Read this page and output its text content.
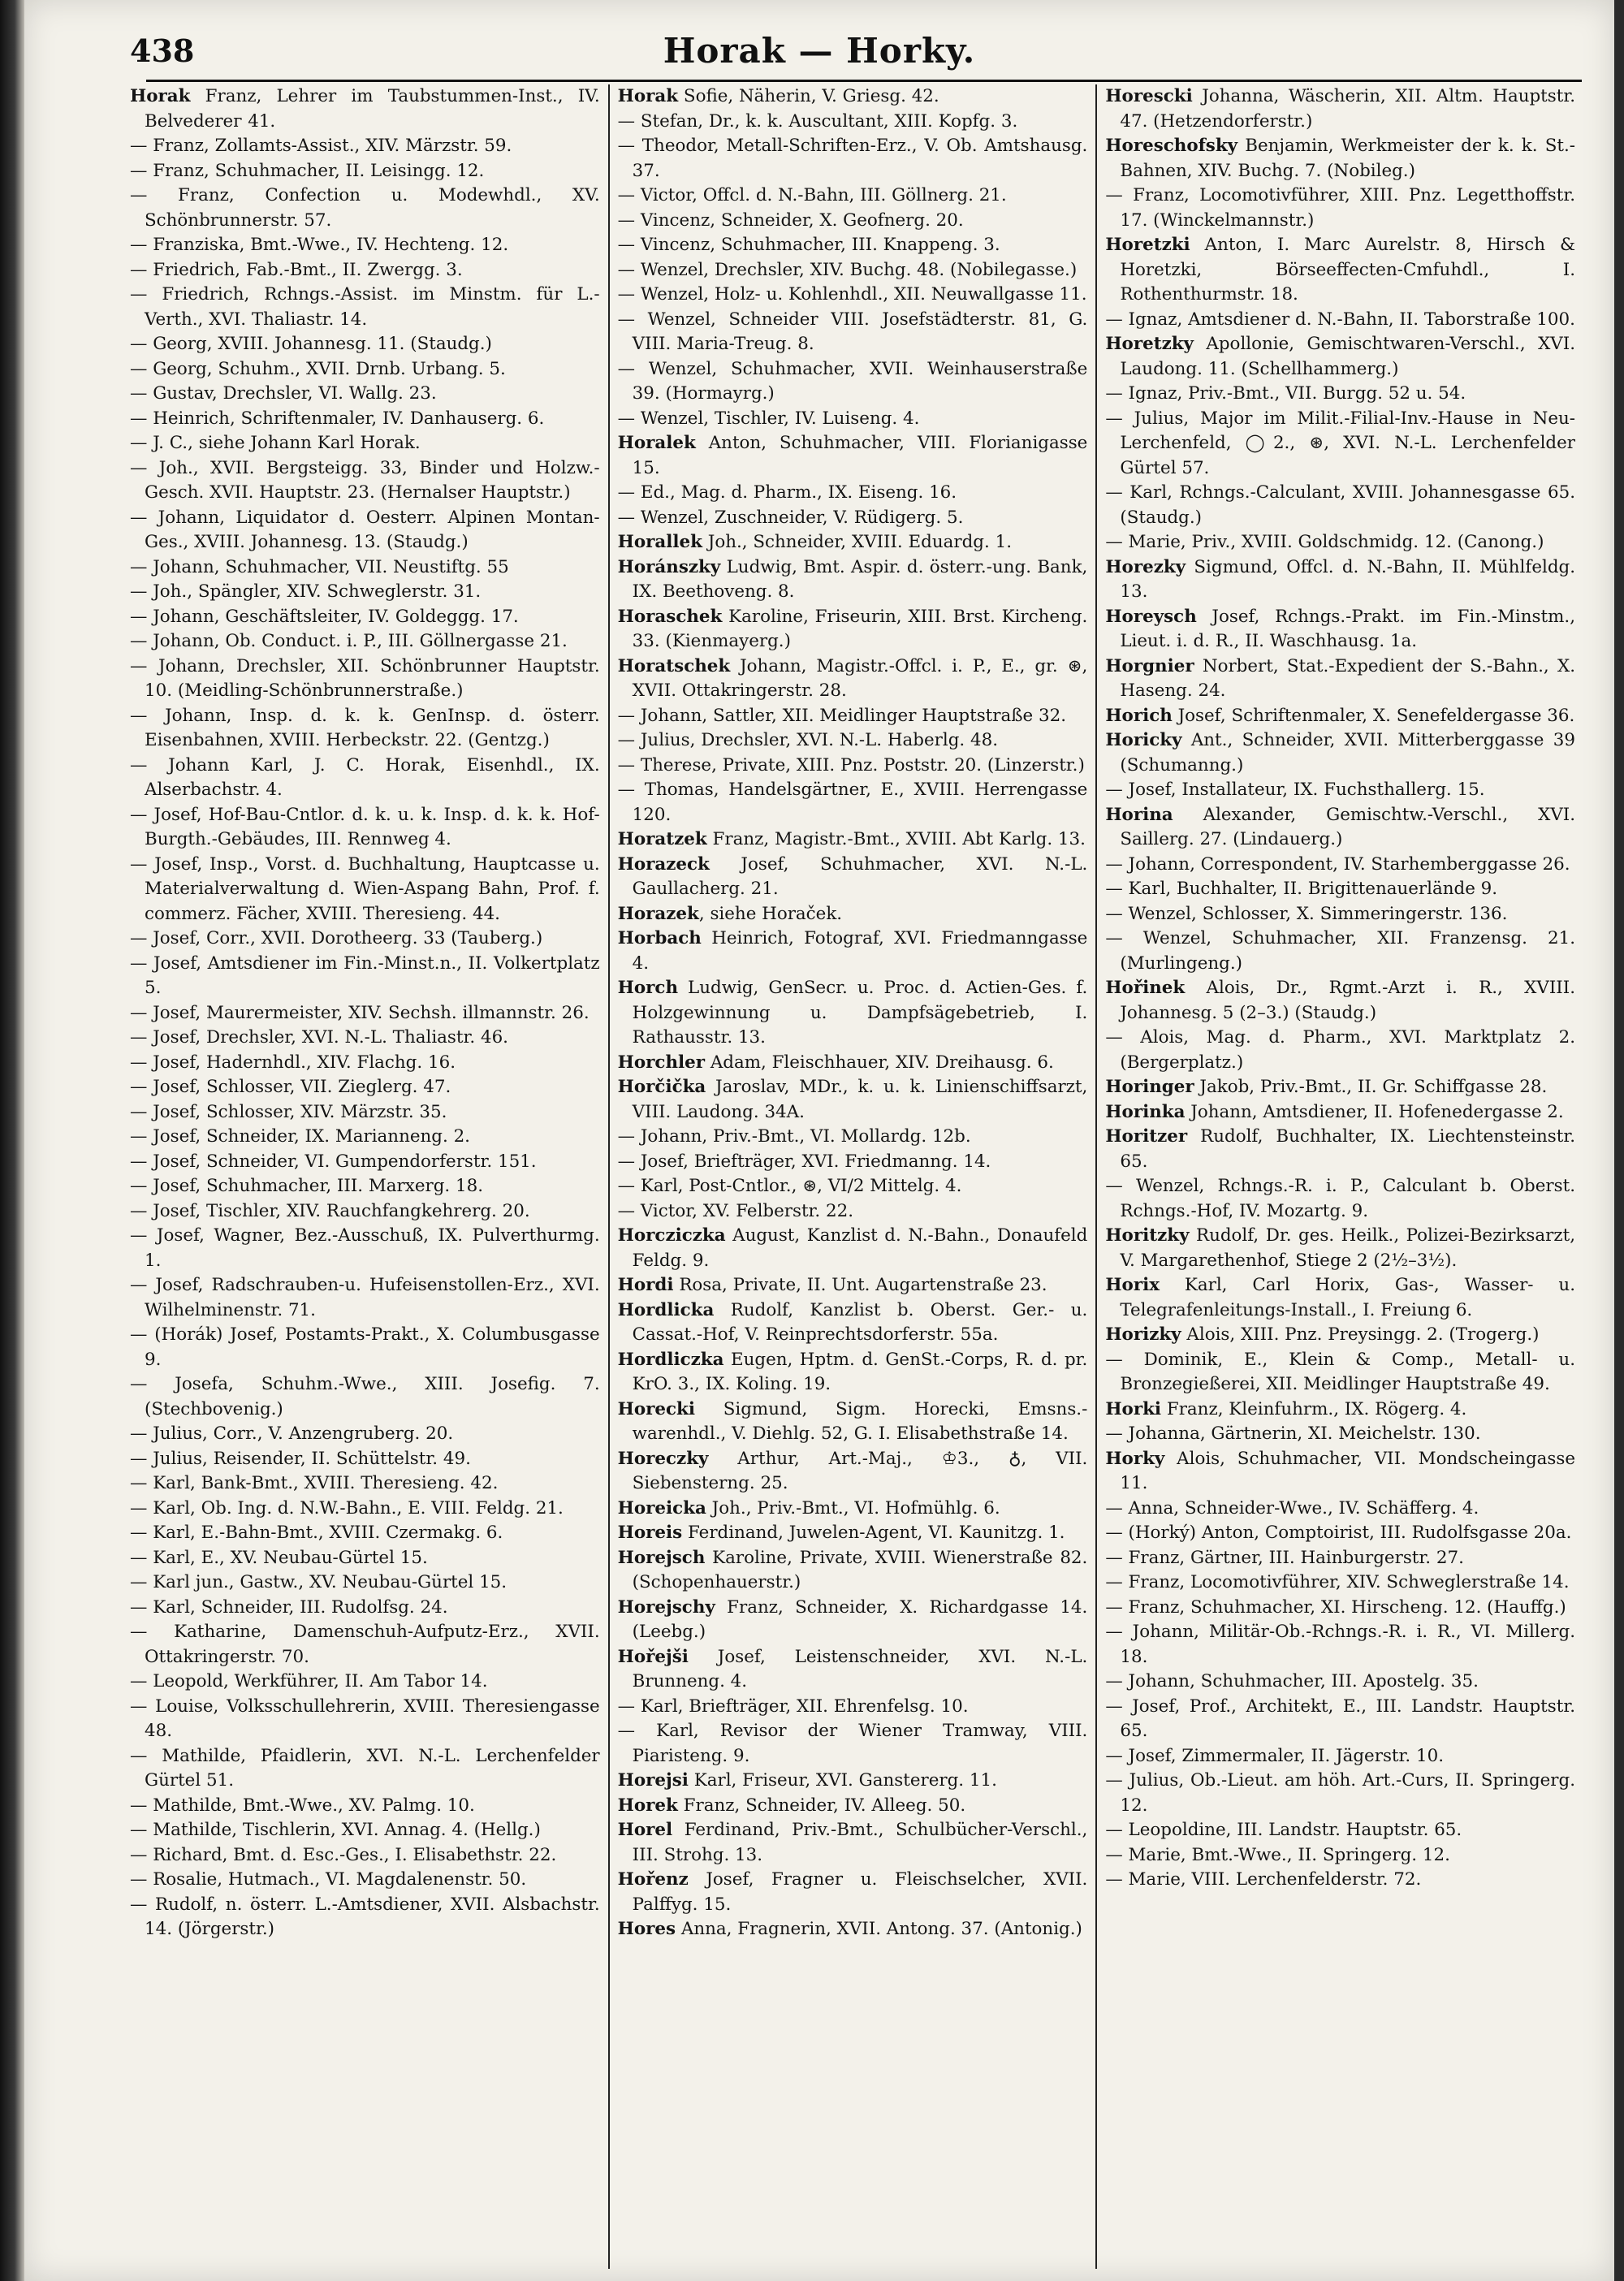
438	Horak — Horky.
Horak Franz, Lehrer im Taubstummen-Inst., IV. Belvederег 41.
— Franz, Zollamts-Assist., XIV. Märzstr. 59.
— Franz, Schuhmacher, II. Leisingg. 12.
— Franz, Confection u. Modewhdl., XV. Schönbrunnerstr. 57.
— Franziska, Bmt.-Wwe., IV. Hechteng. 12.
— Friedrich, Fab.-Bmt., II. Zwergg. 3.
— Friedrich, Rchngs.-Assist. im Minstm. für L.-Verth., XVI. Thaliastr. 14.
— Georg, XVIII. Johannesg. 11. (Staudg.)
— Georg, Schuhm., XVII. Drnb. Urbang. 5.
— Gustav, Drechsler, VI. Wallg. 23.
— Heinrich, Schriftenmaler, IV. Danhauserg. 6.
— J. C., siehe Johann Karl Horak.
— Joh., XVII. Bergsteigg. 33, Binder und Holzw.-Gesch. XVII. Hauptstr. 23. (Hernalser Hauptstr.)
— Johann, Liquidator d. Oesterr. Alpinen Montan-Ges., XVIII. Johannesg. 13. (Staudg.)
— Johann, Schuhmacher, VII. Neustiftg. 55
— Joh., Spängler, XIV. Schweglerstr. 31.
— Johann, Geschäftsleiter, IV. Goldeggg. 17.
— Johann, Ob. Conduct. i. P., III. Göllnergasse 21.
— Johann, Drechsler, XII. Schönbrunner Hauptstr. 10. (Meidling-Schönbrunnerstraße.)
— Johann, Insp. d. k. k. GenInsp. d. österr. Eisenbahnen, XVIII. Herbeckstr. 22. (Gentzg.)
— Johann Karl, J. C. Horak, Eisenhdl., IX. Alserbachstr. 4.
— Josef, Hof-Bau-Cntlor. d. k. u. k. Insp. d. k. k. Hof-Burgth.-Gebäudes, III. Rennweg 4.
— Josef, Insp., Vorst. d. Buchhaltung, Hauptcasse u. Materialverwaltung d. Wien-Aspang Bahn, Prof. f. commerz. Fächer, XVIII. Theresieng. 44.
— Josef, Corr., XVII. Dorotheerg. 33 (Tauberg.)
— Josef, Amtsdiener im Fin.-Minst.n., II. Volkertplatz 5.
— Josef, Maurermeister, XIV. Sechsh. illmannstr. 26.
— Josef, Drechsler, XVI. N.-L. Thaliastr. 46.
— Josef, Hadernhdl., XIV. Flachg. 16.
— Josef, Schlosser, VII. Zieglerg. 47.
— Josef, Schlosser, XIV. Märzstr. 35.
— Josef, Schneider, IX. Marianneng. 2.
— Josef, Schneider, VI. Gumpendorferstr. 151.
— Josef, Schuhmacher, III. Marxerg. 18.
— Josef, Tischler, XIV. Rauchfangkehrerg. 20.
— Josef, Wagner, Bez.-Ausschuß, IX. Pulverthurmg. 1.
— Josef, Radschrauben-u. Hufeisenstollen-Erz., XVI. Wilhelminenstr. 71.
— (Horák) Josef, Postamts-Prakt., X. Columbusgasse 9.
— Josefa, Schuhm.-Wwe., XIII. Josefig. 7. (Stechbovenig.)
— Julius, Corr., V. Anzengruberg. 20.
— Julius, Reisender, II. Schüttelstr. 49.
— Karl, Bank-Bmt., XVIII. Theresieng. 42.
— Karl, Ob. Ing. d. N.W.-Bahn., E. VIII. Feldg. 21.
— Karl, E.-Bahn-Bmt., XVIII. Czermakg. 6.
— Karl, E., XV. Neubau-Gürtel 15.
— Karl jun., Gastw., XV. Neubau-Gürtel 15.
— Karl, Schneider, III. Rudolfsg. 24.
— Katharine, Damenschuh-Aufputz-Erz., XVII. Ottakringerstr. 70.
— Leopold, Werkführer, II. Am Tabor 14.
— Louise, Volksschullehrerin, XVIII. Theresiengasse 48.
— Mathilde, Pfaidlerin, XVI. N.-L. Lerchenfelder Gürtel 51.
— Mathilde, Bmt.-Wwe., XV. Palmg. 10.
— Mathilde, Tischlerin, XVI. Annag. 4. (Hellg.)
— Richard, Bmt. d. Esc.-Ges., I. Elisabethstr. 22.
— Rosalie, Hutmach., VI. Magdalenenstr. 50.
— Rudolf, n. österr. L.-Amtsdiener, XVII. Alsbachstr. 14. (Jörgerstr.)
Horak Sofie, Näherin, V. Griesg. 42.
— Stefan, Dr., k. k. Auscultant, XIII. Kopfg. 3.
— Theodor, Metall-Schriften-Erz., V. Ob. Amtshausg. 37.
— Victor, Offcl. d. N.-Bahn, III. Göllnerg. 21.
— Vincenz, Schneider, X. Geofnerg. 20.
— Vincenz, Schuhmacher, III. Knappeng. 3.
— Wenzel, Drechsler, XIV. Buchg. 48. (Nobilegasse.)
— Wenzel, Holz- u. Kohlenhdl., XII. Neuwallgasse 11.
— Wenzel, Schneider VIII. Josefstädterstr. 81, G. VIII. Maria-Treug. 8.
— Wenzel, Schuhmacher, XVII. Weinhauserstraße 39. (Hormayrg.)
— Wenzel, Tischler, IV. Luiseng. 4.
Horalek Anton, Schuhmacher, VIII. Florianigasse 15.
— Ed., Mag. d. Pharm., IX. Eiseng. 16.
— Wenzel, Zuschneider, V. Rüdigerg. 5.
Horallek Joh., Schneider, XVIII. Eduardg. 1.
Horánszky Ludwig, Bmt. Aspir. d. österr.-ung. Bank, IX. Beethoveng. 8.
Horaschek Karoline, Friseurin, XIII. Brst. Kircheng. 33. (Kienmayerg.)
Horatschek Johann, Magistr.-Offcl. i. P., E., gr. ⊛, XVII. Ottakringerstr. 28.
— Johann, Sattler, XII. Meidlinger Hauptstraße 32.
— Julius, Drechsler, XVI. N.-L. Haberlg. 48.
— Therese, Private, XIII. Pnz. Poststr. 20. (Linzerstr.)
— Thomas, Handelsgärtner, E., XVIII. Herrengasse 120.
Horatzek Franz, Magistr.-Bmt., XVIII. Abt Karlg. 13.
Horazeck Josef, Schuhmacher, XVI. N.-L. Gaullacherg. 21.
Horazek, siehe Horaček.
Horbach Heinrich, Fotograf, XVI. Friedmanngasse 4.
Horch Ludwig, GenSecr. u. Proc. d. Actien-Ges. f. Holzgewinnung u. Dampfsägebetrieb, I. Rathausstr. 13.
Horchler Adam, Fleischhauer, XIV. Dreihausg. 6.
Horčička Jaroslav, MDr., k. u. k. Linienschiffsarzt, VIII. Laudong. 34A.
— Johann, Priv.-Bmt., VI. Mollardg. 12b.
— Josef, Briefträger, XVI. Friedmanng. 14.
— Karl, Post-Cntlor., ⊛, VI/2 Mittelg. 4.
— Victor, XV. Felberstr. 22.
Horcziczka August, Kanzlist d. N.-Bahn., Donaufeld Feldg. 9.
Hordi Rosa, Private, II. Unt. Augartenstraße 23.
Hordlicka Rudolf, Kanzlist b. Oberst. Ger.- u. Cassat.-Hof, V. Reinprechtsdorferstr. 55a.
Hordliczka Eugen, Hptm. d. GenSt.-Corps, R. d. pr. KrO. 3., IX. Koling. 19.
Horecki Sigmund, Sigm. Horecki, Emsns.-warenhdl., V. Diehlg. 52, G. I. Elisabethstraße 14.
Horeczky Arthur, Art.-Maj., ♔3., ♁, VII. Siebensterng. 25.
Horeicka Joh., Priv.-Bmt., VI. Hofmühlg. 6.
Horeis Ferdinand, Juwelen-Agent, VI. Kaunitzg. 1.
Horejsch Karoline, Private, XVIII. Wienerstraße 82. (Schopenhauerstr.)
Horejschy Franz, Schneider, X. Richardgasse 14. (Leebg.)
Hořejši Josef, Leistenschneider, XVI. N.-L. Brunneng. 4.
— Karl, Briefträger, XII. Ehrenfelsg. 10.
— Karl, Revisor der Wiener Tramway, VIII. Piaristeng. 9.
Horejsi Karl, Friseur, XVI. Ganstererg. 11.
Horek Franz, Schneider, IV. Alleeg. 50.
Horel Ferdinand, Priv.-Bmt., Schulbücher-Verschl., III. Strohg. 13.
Hořenz Josef, Fragner u. Fleischselcher, XVII. Palffyg. 15.
Hores Anna, Fragnerin, XVII. Antong. 37. (Antonig.)
Horescki Johanna, Wäscherin, XII. Altm. Hauptstr. 47. (Hetzendorferstr.)
Horeschofsky Benjamin, Werkmeister der k. k. St.-Bahnen, XIV. Buchg. 7. (Nobileg.)
— Franz, Locomotivführer, XIII. Pnz. Legetthoffstr. 17. (Winckelmannstr.)
Horetzki Anton, I. Marc Aurelstr. 8, Hirsch & Horetzki, Börseeffecten-Cmfuhdl., I. Rothenthurmstr. 18.
— Ignaz, Amtsdiener d. N.-Bahn, II. Taborstraße 100.
Horetzky Apollonie, Gemischtwaren-Verschl., XVI. Laudong. 11. (Schellhammerg.)
— Ignaz, Priv.-Bmt., VII. Burgg. 52 u. 54.
— Julius, Major im Milit.-Filial-Inv.-Hause in Neu-Lerchenfeld, ◯2., ⊛, XVI. N.-L. Lerchenfelder Gürtel 57.
— Karl, Rchngs.-Calculant, XVIII. Johannesgasse 65. (Staudg.)
— Marie, Priv., XVIII. Goldschmidg. 12. (Canong.)
Horezky Sigmund, Offcl. d. N.-Bahn, II. Mühlfeldg. 13.
Horeysch Josef, Rchngs.-Prakt. im Fin.-Minstm., Lieut. i. d. R., II. Waschhausg. 1a.
Horgnier Norbert, Stat.-Expedient der S.-Bahn., X. Haseng. 24.
Horich Josef, Schriftenmaler, X. Senefeldergasse 36.
Horicky Ant., Schneider, XVII. Mitterberggasse 39 (Schumanng.)
— Josef, Installateur, IX. Fuchsthallerg. 15.
Horina Alexander, Gemischtw.-Verschl., XVI. Saillerg. 27. (Lindauerg.)
— Johann, Correspondent, IV. Starhemberggasse 26.
— Karl, Buchhalter, II. Brigittenauerlände 9.
— Wenzel, Schlosser, X. Simmeringerstr. 136.
— Wenzel, Schuhmacher, XII. Franzensg. 21. (Murlingeng.)
Hořinek Alois, Dr., Rgmt.-Arzt i. R., XVIII. Johannesg. 5 (2–3.) (Staudg.)
— Alois, Mag. d. Pharm., XVI. Marktplatz 2. (Bergerplatz.)
Horinger Jakob, Priv.-Bmt., II. Gr. Schiffgasse 28.
Horinka Johann, Amtsdiener, II. Hofenedergasse 2.
Horitzer Rudolf, Buchhalter, IX. Liechtensteinstr. 65.
— Wenzel, Rchngs.-R. i. P., Calculant b. Oberst. Rchngs.-Hof, IV. Mozartg. 9.
Horitzky Rudolf, Dr. ges. Heilk., Polizei-Bezirksarzt, V. Margarethenhof, Stiege 2 (2½–3½).
Horix Karl, Carl Horix, Gas-, Wasser- u. Telegrafenleitungs-Install., I. Freiung 6.
Horizky Alois, XIII. Pnz. Preysingg. 2. (Trogerg.)
— Dominik, E., Klein & Comp., Metall- u. Bronzegießerei, XII. Meidlinger Hauptstraße 49.
Horki Franz, Kleinfuhrm., IX. Rögerg. 4.
— Johanna, Gärtnerin, XI. Meichelstr. 130.
Horky Alois, Schuhmacher, VII. Mondscheingasse 11.
— Anna, Schneider-Wwe., IV. Schäfferg. 4.
— (Horký) Anton, Comptoirist, III. Rudolfsgasse 20a.
— Franz, Gärtner, III. Hainburgerstr. 27.
— Franz, Locomotivführer, XIV. Schweglerstraße 14.
— Franz, Schuhmacher, XI. Hirscheng. 12. (Hauffg.)
— Johann, Militär-Ob.-Rchngs.-R. i. R., VI. Millerg. 18.
— Johann, Schuhmacher, III. Apostelg. 35.
— Josef, Prof., Architekt, E., III. Landstr. Hauptstr. 65.
— Josef, Zimmermaler, II. Jägerstr. 10.
— Julius, Ob.-Lieut. am höh. Art.-Curs, II. Springerg. 12.
— Leopoldine, III. Landstr. Hauptstr. 65.
— Marie, Bmt.-Wwe., II. Springerg. 12.
— Marie, VIII. Lerchenfelderstr. 72.
